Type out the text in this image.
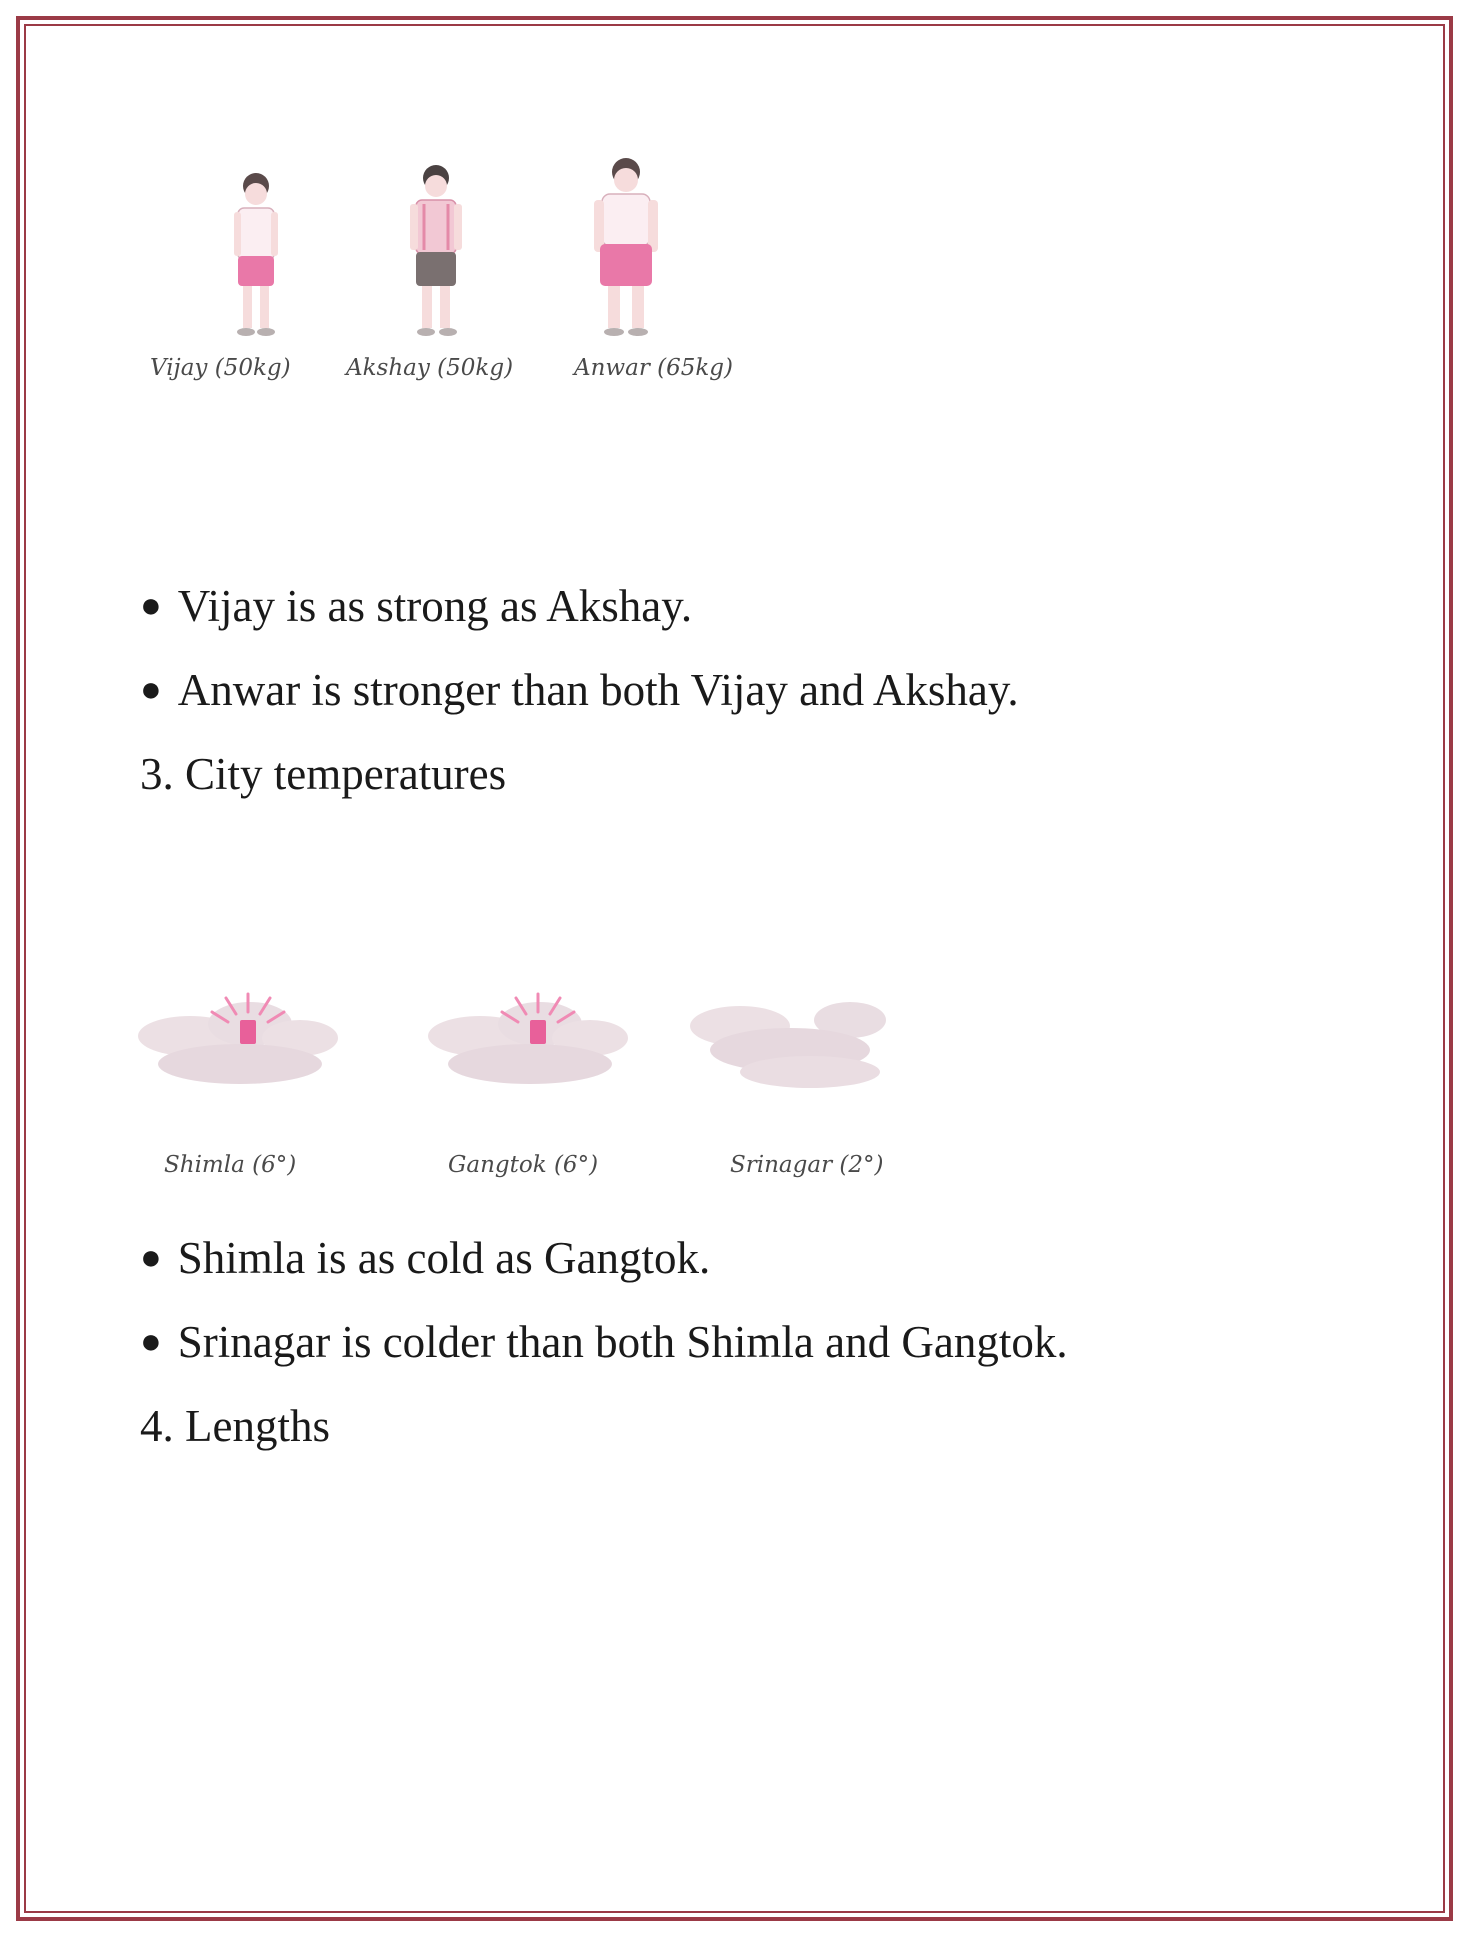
Vijay (50kg) Akshay (50kg)	Anwar (65kg)
● Vijay is as strong as Akshay.
● Anwar is stronger than both Vijay and Akshay.
3. City temperatures
Shimla (6°)	Gangtok (6°)	Srinagar (2°)
● Shimla is as cold as Gangtok.
● Srinagar is colder than both Shimla and Gangtok.
4. Lengths
